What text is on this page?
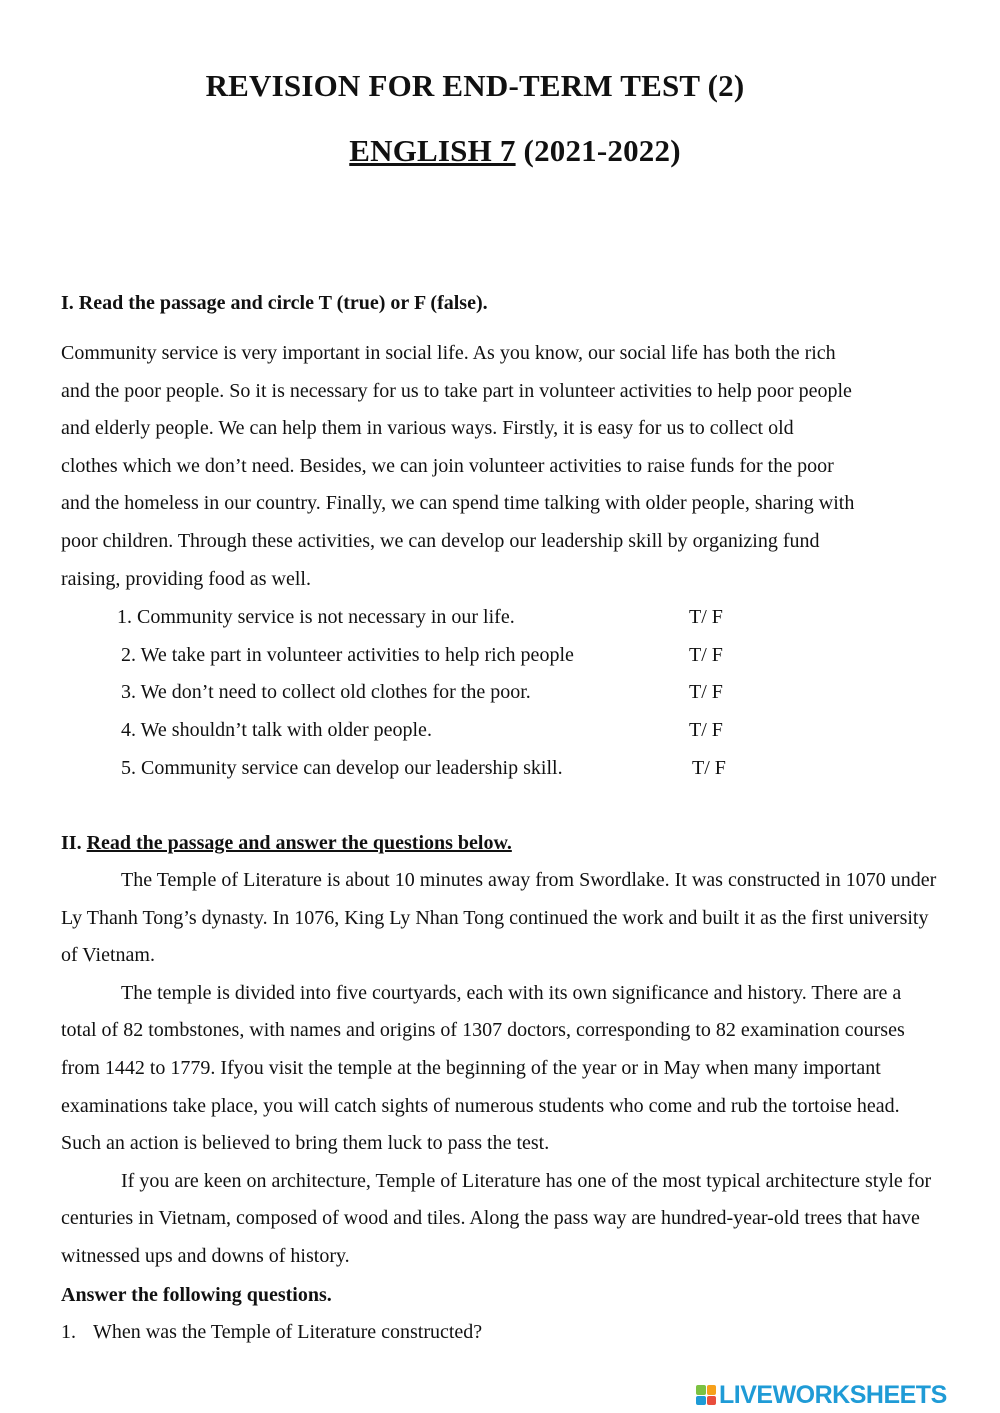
REVISION FOR END-TERM TEST (2)
ENGLISH 7 (2021-2022)
I. Read the passage and circle T (true) or F (false).
Community service is very important in social life. As you know, our social life has both the rich
and the poor people. So it is necessary for us to take part in volunteer activities to help poor people
and elderly people. We can help them in various ways. Firstly, it is easy for us to collect old
clothes which we don’t need. Besides, we can join volunteer activities to raise funds for the poor
and the homeless in our country. Finally, we can spend time talking with older people, sharing with
poor children. Through these activities, we can develop our leadership skill by organizing fund
raising, providing food as well.
1. Community service is not necessary in our life.	T/ F
2. We take part in volunteer activities to help rich people	T/ F
3. We don’t need to collect old clothes for the poor.	T/ F
4. We shouldn’t talk with older people.	T/ F
5. Community service can develop our leadership skill.	T/ F
II. Read the passage and answer the questions below.

The Temple of Literature is about 10 minutes away from Swordlake. It was constructed in 1070 under Ly Thanh Tong’s dynasty. In 1076, King Ly Nhan Tong continued the work and built it as the first university of Vietnam.

The temple is divided into five courtyards, each with its own significance and history. There are a total of 82 tombstones, with names and origins of 1307 doctors, corresponding to 82 examination courses from 1442 to 1779. Ifyou visit the temple at the beginning of the year or in May when many important examinations take place, you will catch sights of numerous students who come and rub the tortoise head. Such an action is believed to bring them luck to pass the test.

If you are keen on architecture, Temple of Literature has one of the most typical architecture style for centuries in Vietnam, composed of wood and tiles. Along the pass way are hundred-year-old trees that have witnessed ups and downs of history.

Answer the following questions.
1. When was the Temple of Literature constructed?
LIVEWORKSHEETS
